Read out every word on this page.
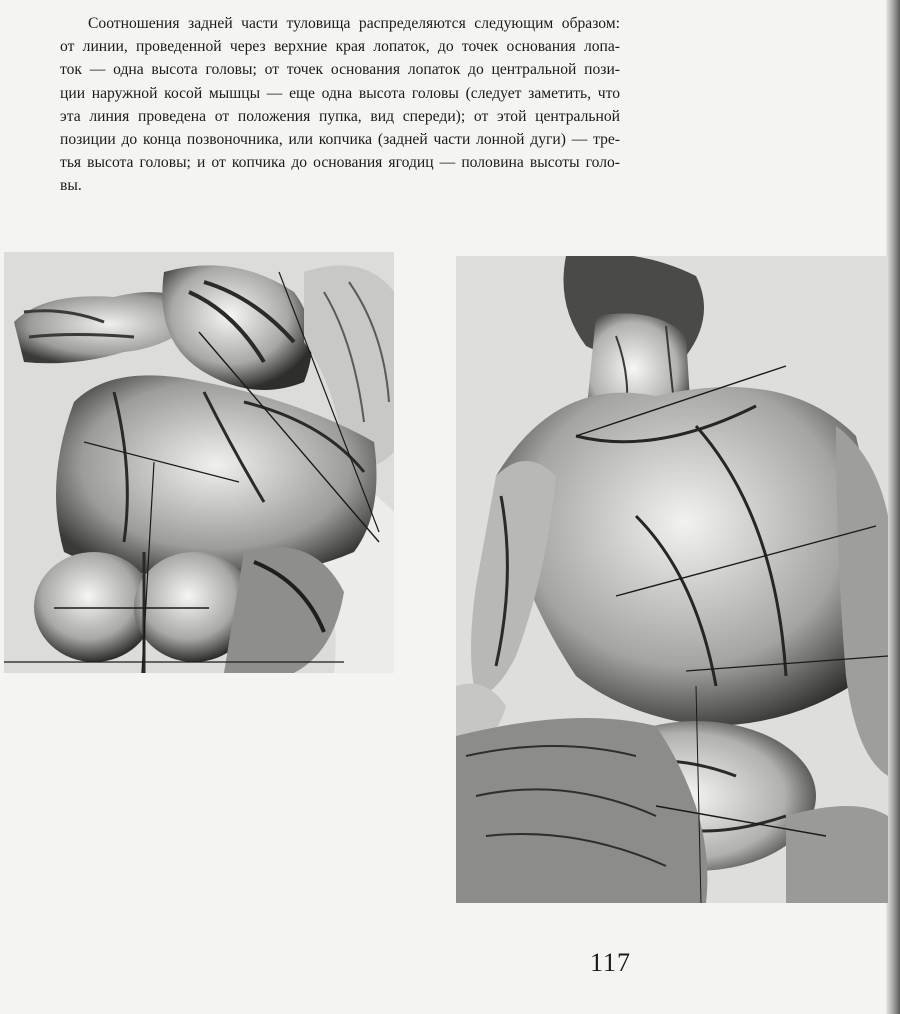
Соотношения задней части туловища распределяются следующим образом:
от линии, проведенной через верхние края лопаток, до точек основания лопа-
ток — одна высота головы; от точек основания лопаток до центральной пози-
ции наружной косой мышцы — еще одна высота головы (следует заметить, что
эта линия проведена от положения пупка, вид спереди); от этой центральной
позиции до конца позвоночника, или копчика (задней части лонной дуги) — тре-
тья высота головы; и от копчика до основания ягодиц — половина высоты голо-
вы.
117
